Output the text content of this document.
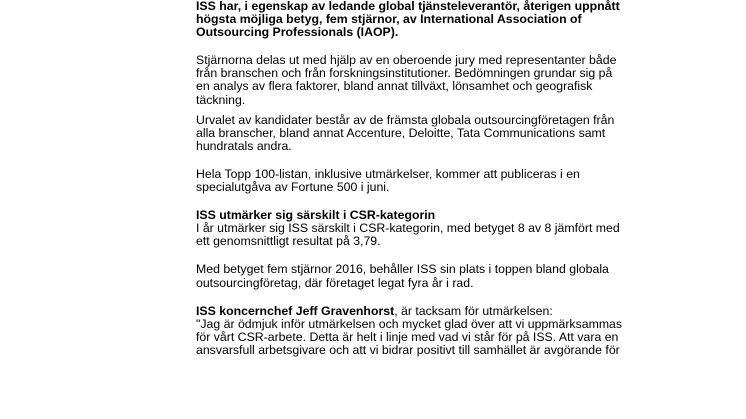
ISS har, i egenskap av ledande global tjänsteleverantör, återigen uppnått
högsta möjliga betyg, fem stjärnor, av International Association of
Outsourcing Professionals (IAOP).

Stjärnorna delas ut med hjälp av en oberoende jury med representanter både
från branschen och från forskningsinstitutioner. Bedömningen grundar sig på
en analys av flera faktorer, bland annat tillväxt, lönsamhet och geografisk
täckning.

Urvalet av kandidater består av de främsta globala outsourcingföretagen från
alla branscher, bland annat Accenture, Deloitte, Tata Communications samt
hundratals andra.

Hela Topp 100-listan, inklusive utmärkelser, kommer att publiceras i en
specialutgåva av Fortune 500 i juni.

ISS utmärker sig särskilt i CSR-kategorin

I år utmärker sig ISS särskilt i CSR-kategorin, med betyget 8 av 8 jämfört med
ett genomsnittligt resultat på 3,79.

Med betyget fem stjärnor 2016, behåller ISS sin plats i toppen bland globala
outsourcingföretag, där företaget legat fyra år i rad.

ISS koncernchef Jeff Gravenhorst, är tacksam för utmärkelsen:

"Jag är ödmjuk inför utmärkelsen och mycket glad över att vi uppmärksammas
för vårt CSR-arbete. Detta är helt i linje med vad vi står för på ISS. Att vara en
ansvarsfull arbetsgivare och att vi bidrar positivt till samhället är avgörande för
